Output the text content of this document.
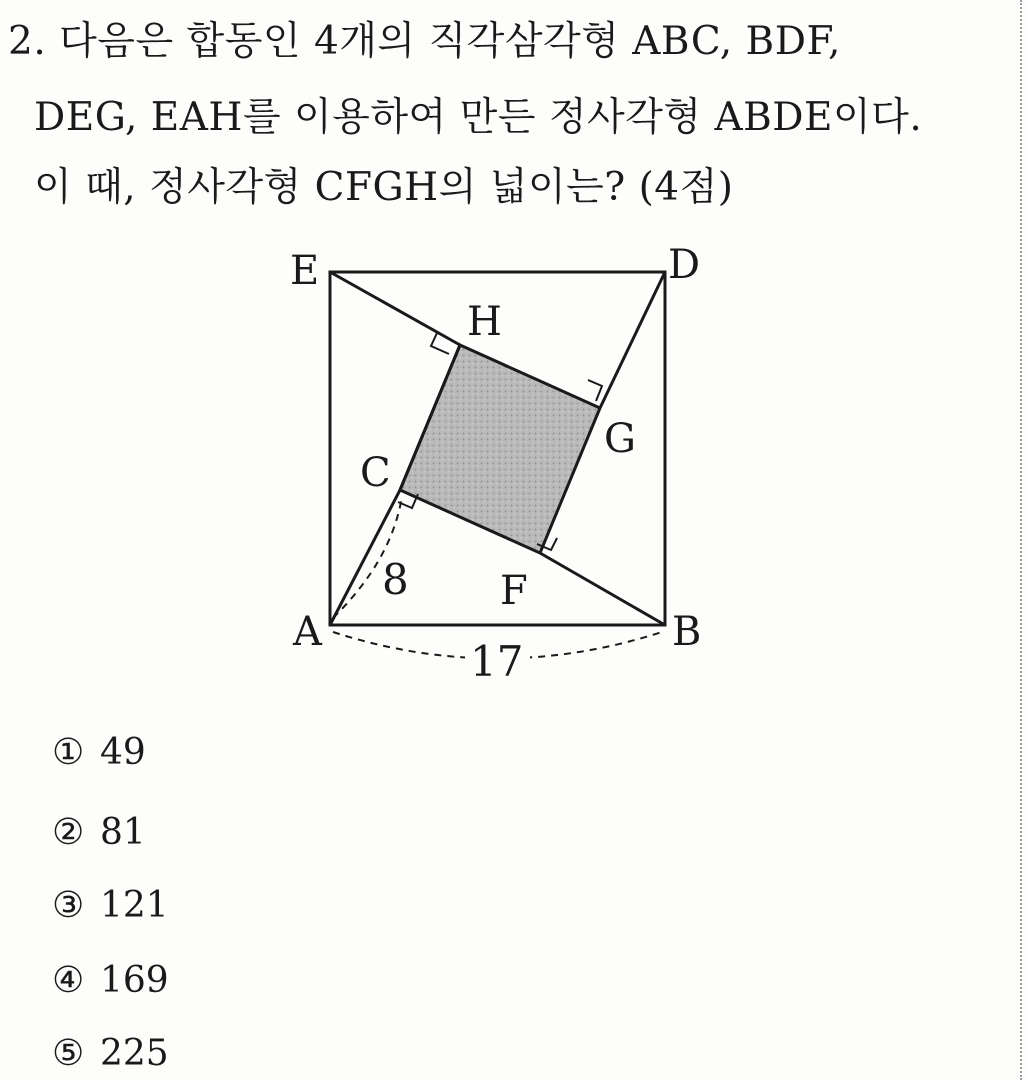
2. 다음은 합동인 4개의 직각삼각형 ABC, BDF,

DEG, EAH를 이용하여 만든 정사각형 ABDE이다.

이 때, 정사각형 CFGH의 넓이는? (4점)

E	D
H
G
C
F
A	B
8
17

① 49

② 81

③ 121

④ 169

⑤ 225
